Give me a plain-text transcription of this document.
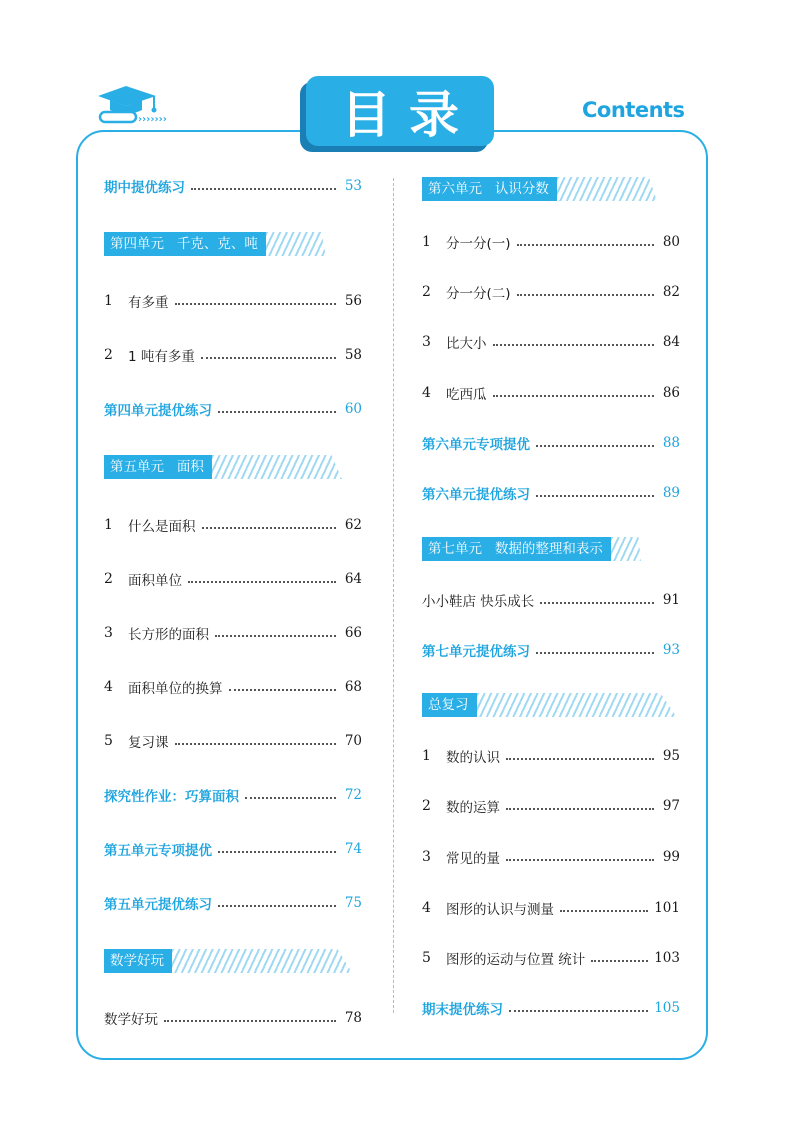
›››››››	目录	Contents
期中提优练习	53
第四单元   千克、克、吨
1	有多重	56
2	1 吨有多重	58
第四单元提优练习	60
第五单元   面积
1	什么是面积	62
2	面积单位	64
3	长方形的面积	66
4	面积单位的换算	68
5	复习课	70
探究性作业：巧算面积	72
第五单元专项提优	74
第五单元提优练习	75
数学好玩
数学好玩	78
第六单元   认识分数
1	分一分(一)	80
2	分一分(二)	82
3	比大小	84
4	吃西瓜	86
第六单元专项提优	88
第六单元提优练习	89
第七单元   数据的整理和表示
小小鞋店 快乐成长	91
第七单元提优练习	93
总复习
1	数的认识	95
2	数的运算	97
3	常见的量	99
4	图形的认识与测量	101
5	图形的运动与位置 统计	103
期末提优练习	105
